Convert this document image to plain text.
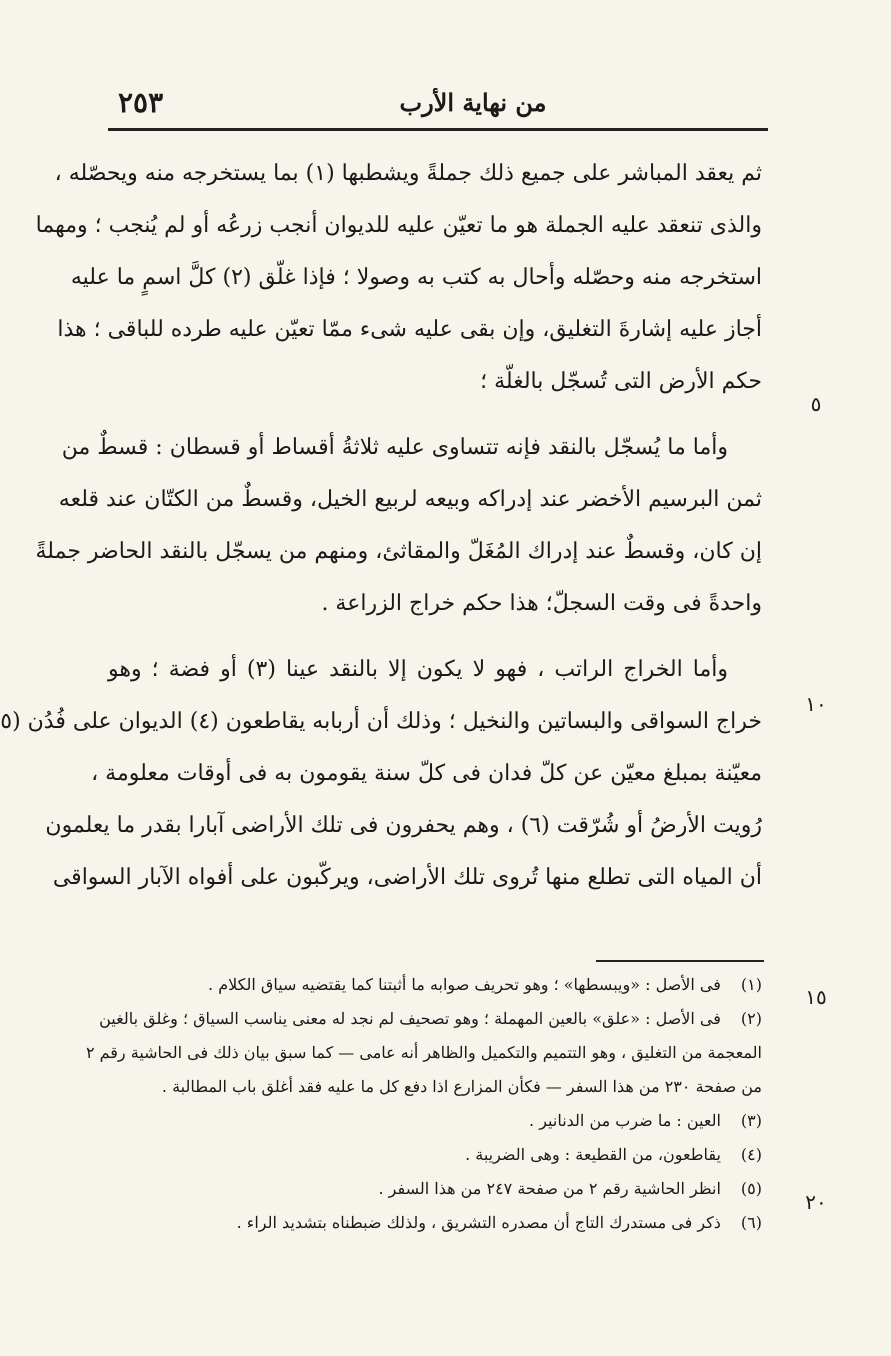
٢٥٣	من نهاية الأرب
ثم يعقد المباشر على جميع ذلك جملةً ويشطبها (١) بما يستخرجه منه ويحصّله ،
والذى تنعقد عليه الجملة هو ما تعيّن عليه للديوان أنجب زرعُه أو لم يُنجب ؛ ومهما
استخرجه منه وحصّله وأحال به كتب به وصولا ؛ فإذا غلّق (٢) كلَّ اسمٍ ما عليه
أجاز عليه إشارةَ التغليق، وإن بقى عليه شىء ممّا تعيّن عليه طرده للباقى ؛ هذا
حكم الأرض التى تُسجّل بالغلّة ؛
وأما ما يُسجّل بالنقد فإنه تتساوى عليه ثلاثةُ أقساط أو قسطان : قسطٌ من
ثمن البرسيم الأخضر عند إدراكه وبيعه لربيع الخيل، وقسطٌ من الكتّان عند قلعه
إن كان، وقسطٌ عند إدراك المُغَلّ والمقاثئ، ومنهم من يسجّل بالنقد الحاضر جملةً
واحدةً فى وقت السجلّ؛ هذا حكم خراج الزراعة .
وأما الخراج الراتب ، فهو لا يكون إلا بالنقد عينا (٣) أو فضة ؛ وهو
خراج السواقى والبساتين والنخيل ؛ وذلك أن أربابه يقاطعون (٤) الديوان على فُدُن (٥
معيّنة بمبلغ معيّن عن كلّ فدان فى كلّ سنة يقومون به فى أوقات معلومة ،
رُويت الأرضُ أو شُرّقت (٦) ، وهم يحفرون فى تلك الأراضى آبارا بقدر ما يعلمون
أن المياه التى تطلع منها تُروى تلك الأراضى، ويركّبون على أفواه الآبار السواقى
٥
١٠
١٥
٢٠
(١) فى الأصل : «ويبسطها» ؛ وهو تحريف صوابه ما أثبتنا كما يقتضيه سياق الكلام .
(٢) فى الأصل : «علق» بالعين المهملة ؛ وهو تصحيف لم نجد له معنى يناسب السياق ؛ وغلق بالغين
المعجمة من التغليق ، وهو التتميم والتكميل والظاهر أنه عامى — كما سبق بيان ذلك فى الحاشية رقم ٢
من صفحة ٢٣٠ من هذا السفر — فكأن المزارع اذا دفع كل ما عليه فقد أغلق باب المطالبة .
(٣) العين : ما ضرب من الدنانير .
(٤) يقاطعون، من القطيعة : وهى الضريبة .
(٥) انظر الحاشية رقم ٢ من صفحة ٢٤٧ من هذا السفر .
(٦) ذكر فى مستدرك التاج أن مصدره التشريق ، ولذلك ضبطناه بتشديد الراء .
